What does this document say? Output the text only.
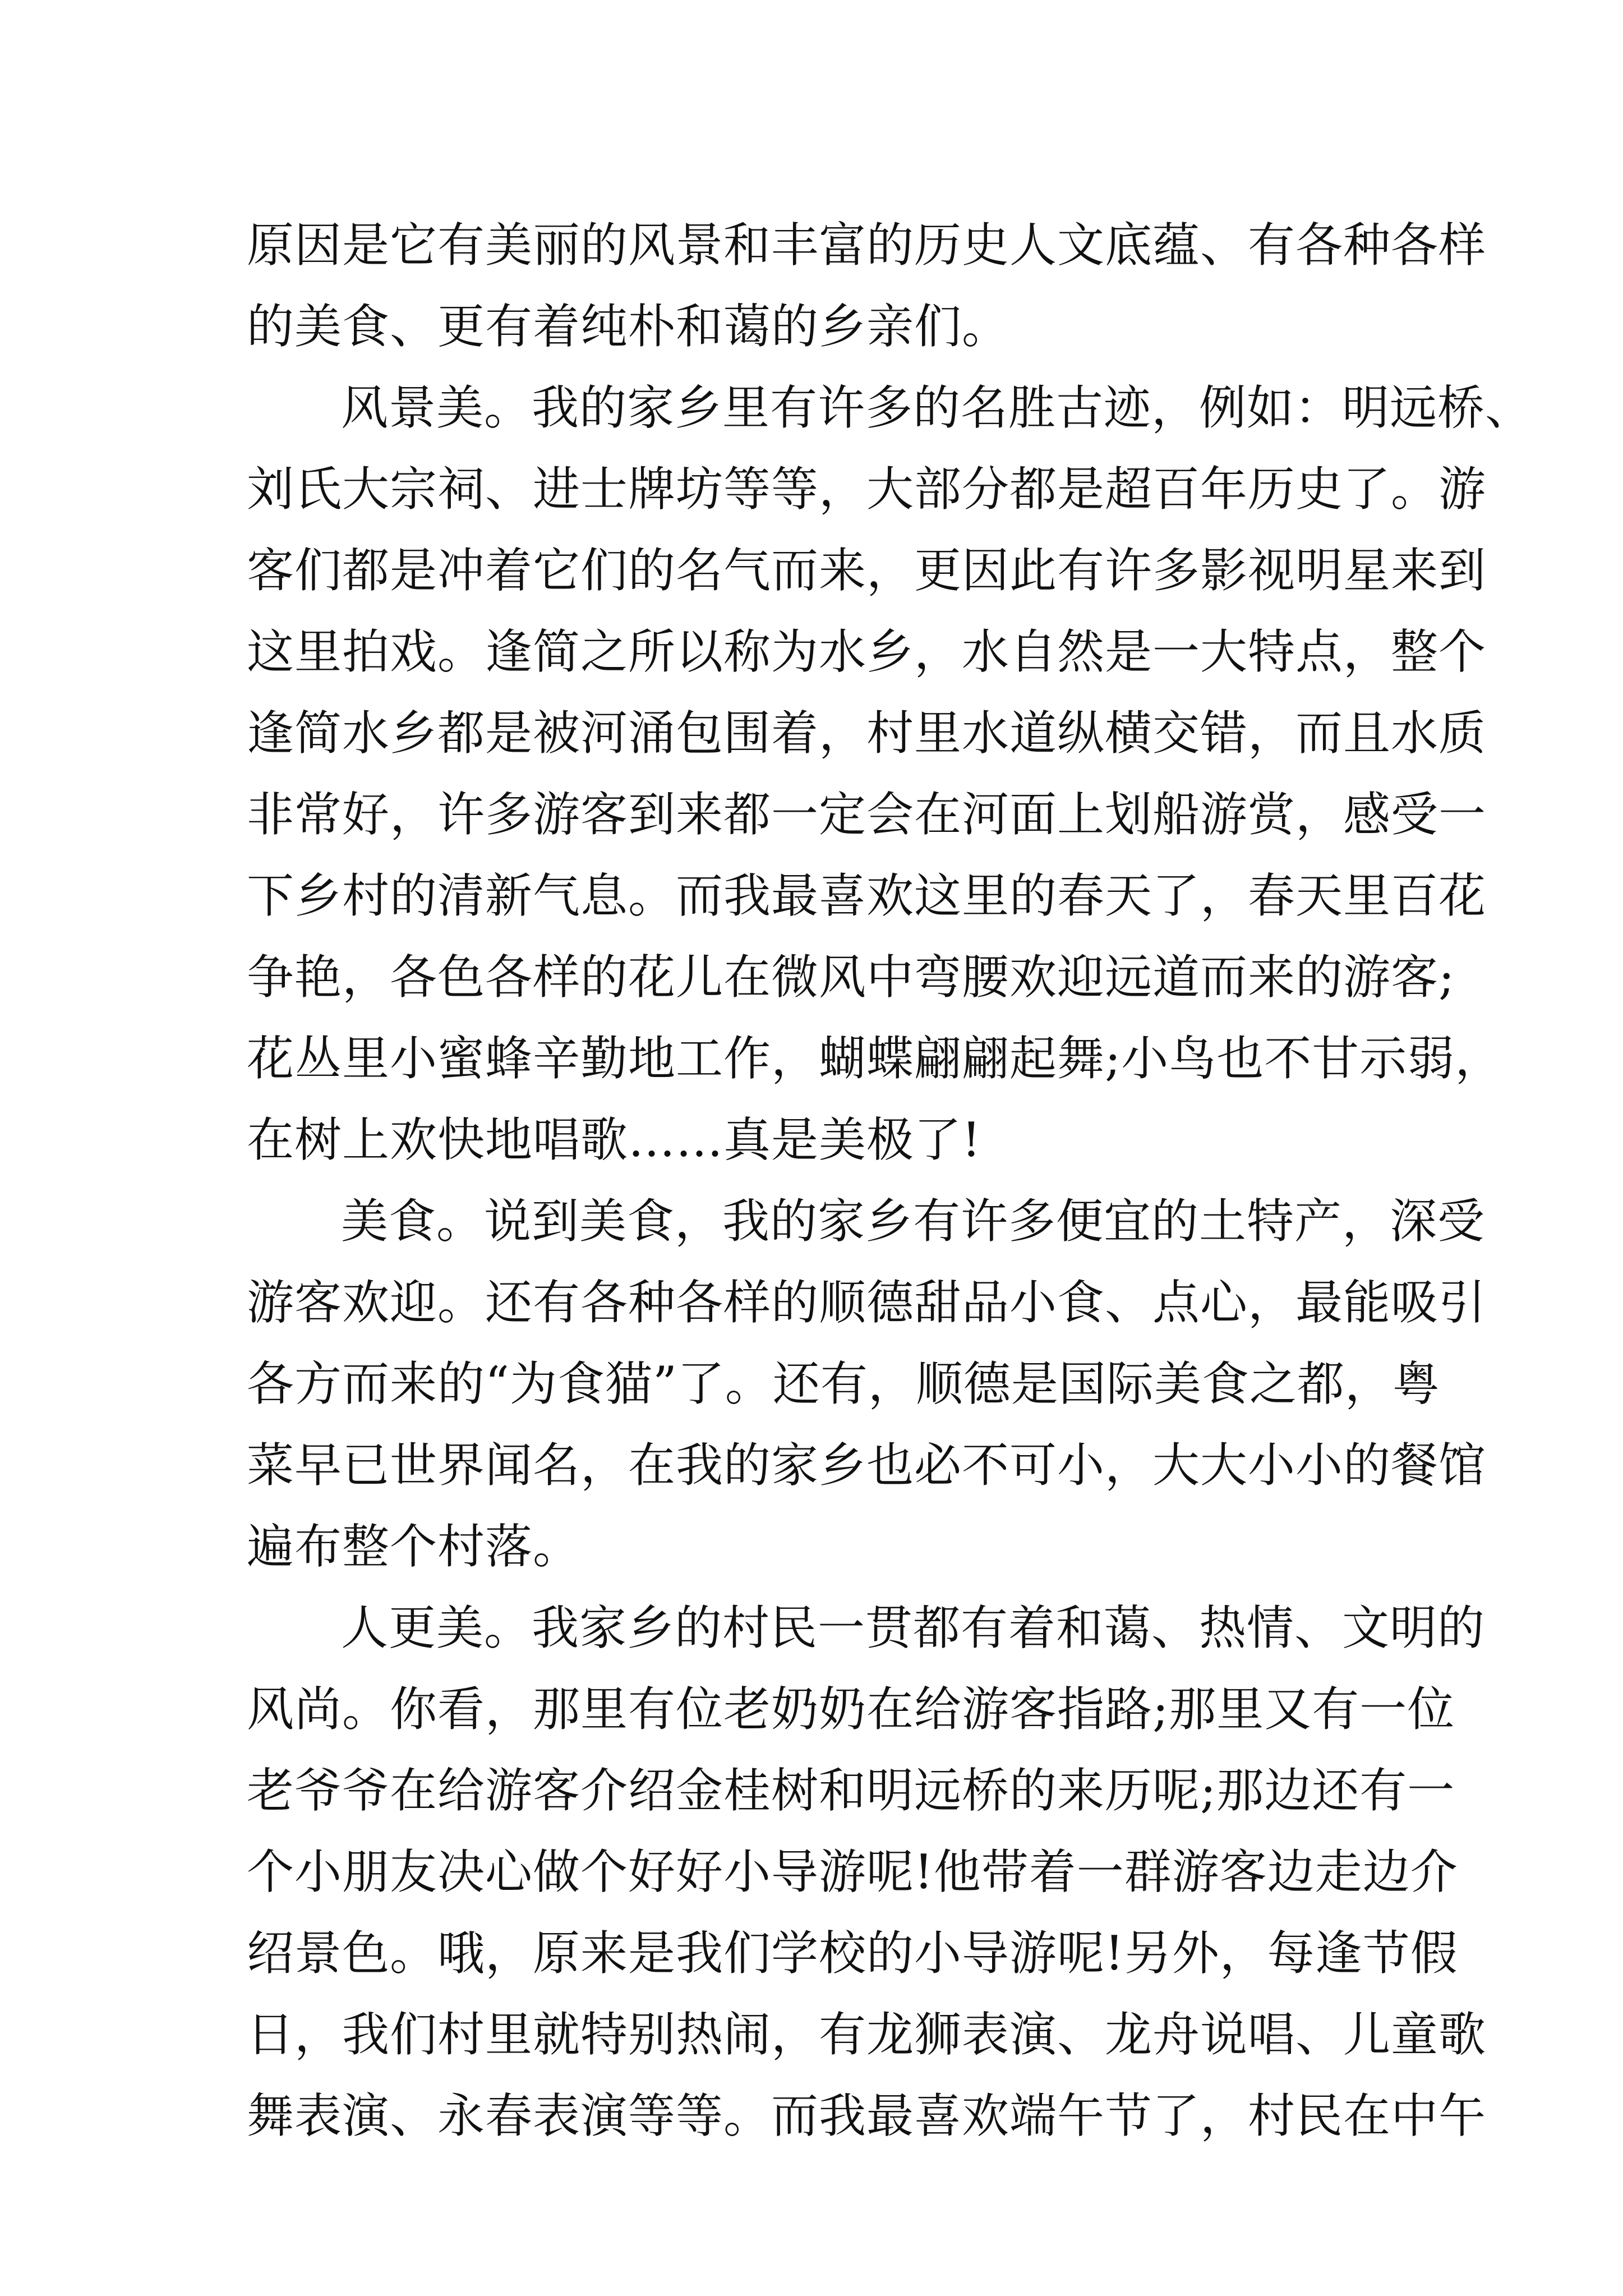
原因是它有美丽的风景和丰富的历史人文底蕴、有各种各样
的美食、更有着纯朴和蔼的乡亲们。
风景美。我的家乡里有许多的名胜古迹，例如：明远桥、
刘氏大宗祠、进士牌坊等等，大部分都是超百年历史了。游
客们都是冲着它们的名气而来，更因此有许多影视明星来到
这里拍戏。逢简之所以称为水乡，水自然是一大特点，整个
逢简水乡都是被河涌包围着，村里水道纵横交错，而且水质
非常好，许多游客到来都一定会在河面上划船游赏，感受一
下乡村的清新气息。而我最喜欢这里的春天了，春天里百花
争艳，各色各样的花儿在微风中弯腰欢迎远道而来的游客;
花丛里小蜜蜂辛勤地工作，蝴蝶翩翩起舞;小鸟也不甘示弱，
在树上欢快地唱歌……真是美极了!
美食。说到美食，我的家乡有许多便宜的土特产，深受
游客欢迎。还有各种各样的顺德甜品小食、点心，最能吸引
各方而来的“为食猫”了。还有，顺德是国际美食之都，粤
菜早已世界闻名，在我的家乡也必不可小，大大小小的餐馆
遍布整个村落。
人更美。我家乡的村民一贯都有着和蔼、热情、文明的
风尚。你看，那里有位老奶奶在给游客指路;那里又有一位
老爷爷在给游客介绍金桂树和明远桥的来历呢;那边还有一
个小朋友决心做个好好小导游呢!他带着一群游客边走边介
绍景色。哦，原来是我们学校的小导游呢!另外，每逢节假
日，我们村里就特别热闹，有龙狮表演、龙舟说唱、儿童歌
舞表演、永春表演等等。而我最喜欢端午节了，村民在中午
